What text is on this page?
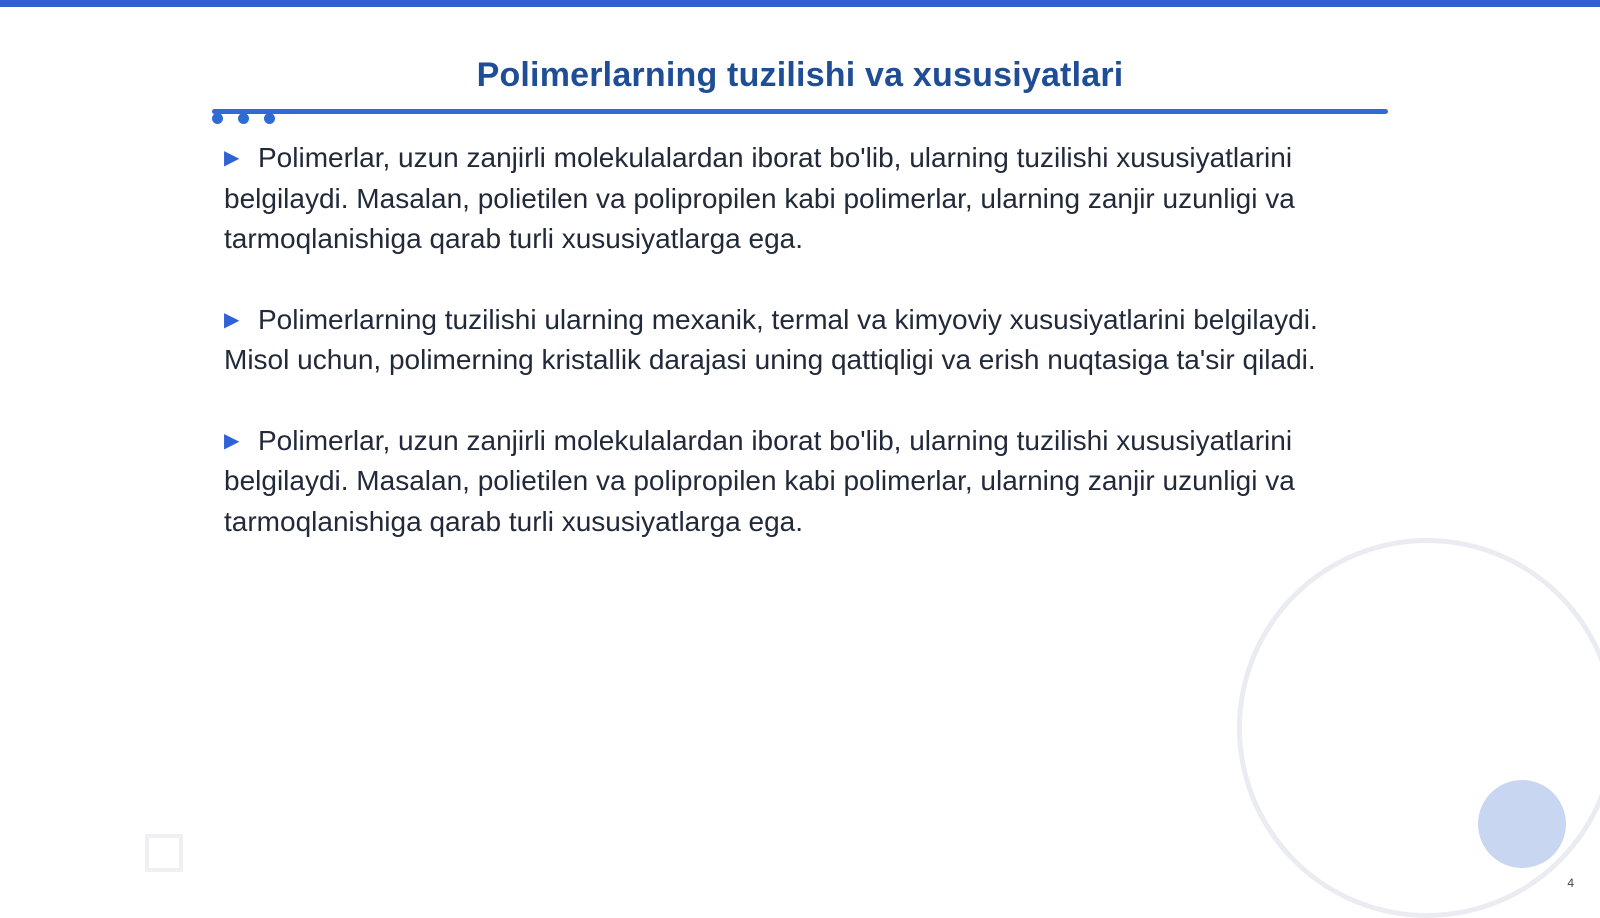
Polimerlarning tuzilishi va xususiyatlari

▶ Polimerlar, uzun zanjirli molekulalardan iborat bo'lib, ularning tuzilishi xususiyatlarini belgilaydi. Masalan, polietilen va polipropilen kabi polimerlar, ularning zanjir uzunligi va tarmoqlanishiga qarab turli xususiyatlarga ega.

▶ Polimerlarning tuzilishi ularning mexanik, termal va kimyoviy xususiyatlarini belgilaydi. Misol uchun, polimerning kristallik darajasi uning qattiqligi va erish nuqtasiga ta'sir qiladi.

▶ Polimerlar, uzun zanjirli molekulalardan iborat bo'lib, ularning tuzilishi xususiyatlarini belgilaydi. Masalan, polietilen va polipropilen kabi polimerlar, ularning zanjir uzunligi va tarmoqlanishiga qarab turli xususiyatlarga ega.

4
